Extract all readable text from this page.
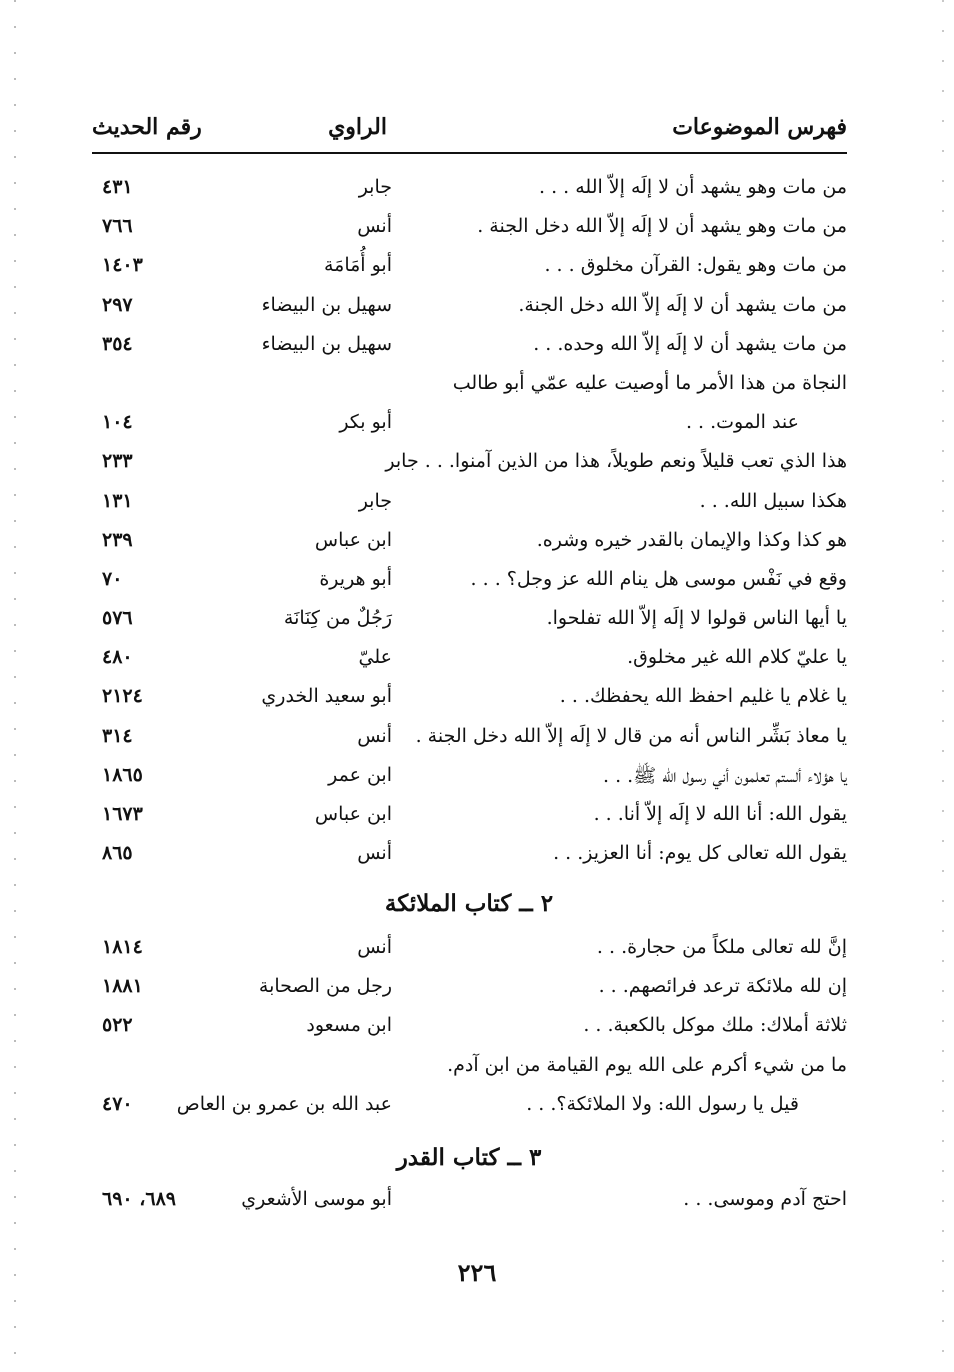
فهرس الموضوعات
الراوي
رقم الحديث
من مات وهو يشهد أن لا إلَه إلاّ الله . . .
جابر
٤٣١
من مات وهو يشهد أن لا إلَه إلاّ الله دخل الجنة .
أنس
٧٦٦
من مات وهو يقول: القرآن مخلوق . . .
أبو أُمَامَة
١٤٠٣
من مات يشهد أن لا إلَه إلاّ الله دخل الجنة.
سهيل بن البيضاء
٢٩٧
من مات يشهد أن لا إلَه إلاّ الله وحده. . .
سهيل بن البيضاء
٣٥٤
النجاة من هذا الأمر ما أوصيت عليه عمّي أبو طالب
عند الموت. . .
أبو بكر
١٠٤
هذا الذي تعب قليلاً ونعم طويلاً، هذا من الذين آمنوا. . . جابر
٢٣٣
هكذا سبيل الله. . .
جابر
١٣١
هو كذا وكذا والإيمان بالقدر خيره وشره.
ابن عباس
٢٣٩
وقع في نَفْس موسى هل ينام الله عز وجل؟ . . .
أبو هريرة
٧٠
يا أيها الناس قولوا لا إلَه إلاّ الله تفلحوا.
رَجُلٌ من كِنَانَة
٥٧٦
يا عليّ كلام الله غير مخلوق.
عليّ
٤٨٠
يا غلام يا غليم احفظ الله يحفظك. . .
أبو سعيد الخدري
٢١٢٤
يا معاذ بَشِّر الناس أنه من قال لا إلَه إلاّ الله دخل الجنة .
أنس
٣١٤
يا هؤلاء ألستم تعلمون أني رسول الله ﷺ. . .
ابن عمر
١٨٦٥
يقول الله: أنا الله لا إلَه إلاّ أنا. . .
ابن عباس
١٦٧٣
يقول الله تعالى كل يوم: أنا العزيز. . .
أنس
٨٦٥
٢ ــ كتاب الملائكة
إنَّ لله تعالى ملكاً من حجارة. . .
أنس
١٨١٤
إن لله ملائكة ترعد فرائصهم. . .
رجل من الصحابة
١٨٨١
ثلاثة أملاك: ملك موكل بالكعبة. . .
ابن مسعود
٥٢٢
ما من شيء أكرم على الله يوم القيامة من ابن آدم.
قيل يا رسول الله: ولا الملائكة؟. . .
عبد الله بن عمرو بن العاص
٤٧٠
٣ ــ كتاب القدر
احتج آدم وموسى. . .
أبو موسى الأشعري
٦٨٩، ٦٩٠
٢٢٦
